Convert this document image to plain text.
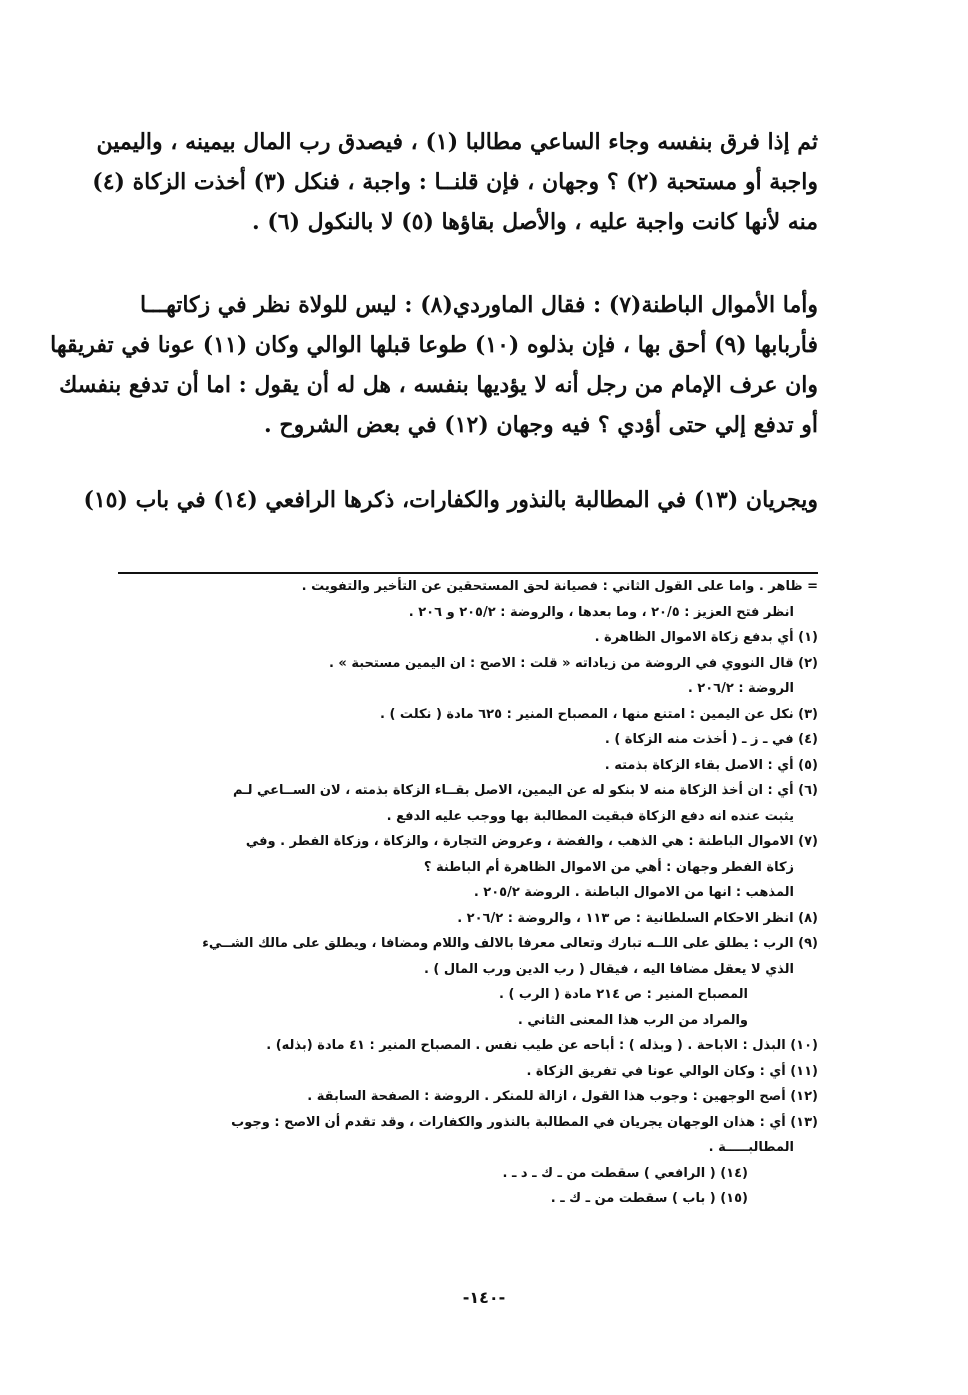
ثم إذا فرق بنفسه وجاء الساعي مطالبا (١) ، فيصدق رب المال بيمينه ، واليمين
واجبة أو مستحبة (٢) ؟ وجهان ، فإن قلنــا : واجبة ، فنكل (٣) أخذت الزكاة (٤)
منه لأنها كانت واجبة عليه ، والأصل بقاؤها (٥) لا بالنكول (٦) .

وأما الأموال الباطنة(٧) : فقال الماوردي(٨) : ليس للولاة نظر في زكاتهـــا
فأربابها (٩) أحق بها ، فإن بذلوه (١٠) طوعا قبلها الوالي وكان (١١) عونا في تفريقها
وان عرف الإمام من رجل أنه لا يؤديها بنفسه ، هل له أن يقول : اما أن تدفع بنفسك
أو تدفع إلي حتى أؤدي ؟ فيه وجهان (١٢) في بعض الشروح .

ويجريان (١٣) في المطالبة بالنذور والكفارات، ذكرها الرافعي (١٤) في باب (١٥)

= ظاهر . واما على القول الثاني : فصيانة لحق المستحقين عن التأخير والتفويت .
انظر فتح العزيز : ٢٠/٥ ، وما بعدها ، والروضة : ٢٠٥/٢ و ٢٠٦ .
(١) أي بدفع زكاة الاموال الظاهرة .
(٢) قال النووي في الروضة من زياداته « قلت : الاصح : ان اليمين مستحبة » .
الروضة : ٢٠٦/٢ .
(٣) نكل عن اليمين : امتنع منها ، المصباح المنير : ٦٢٥ مادة ( نكلت ) .
(٤) في ـ ز ـ ( أخذت منه الزكاة ) .
(٥) أي : الاصل بقاء الزكاة بذمته .
(٦) أي : ان أخذ الزكاة منه لا بنكو له عن اليمين، الاصل بقــاء الزكاة بذمته ، لان الســاعي لـم
يثبت عنده انه دفع الزكاة فبقيت المطالبة بها ووجب عليه الدفع .
(٧) الاموال الباطنة : هي الذهب ، والفضة ، وعروض التجارة ، والزكاة ، وزكاة الفطر . وفي
زكاة الفطر وجهان : أهي من الاموال الظاهرة أم الباطنة ؟
المذهب : انها من الاموال الباطنة . الروضة ٢٠٥/٢ .
(٨) انظر الاحكام السلطانية : ص ١١٣ ، والروضة : ٢٠٦/٢ .
(٩) الرب : يطلق على اللــه تبارك وتعالى معرفا بالالف واللام ومضافا ، ويطلق على مالك الشــيء
الذي لا يعقل مضافا اليه ، فيقال ( رب الدين ورب المال ) .
المصباح المنير : ص ٢١٤ مادة ( الرب ) .
والمراد من الرب هذا المعنى الثاني .
(١٠) البذل : الاباحة . ( وبذله ) : أباحه عن طيب نفس . المصباح المنير : ٤١ مادة (بذله) .
(١١) أي : وكان الوالي عونا في تفريق الزكاة .
(١٢) أصح الوجهين : وجوب هذا القول ، ازالة للمنكر . الروضة : الصفحة السابقة .
(١٣) أي : هذان الوجهان يجريان في المطالبة بالنذور والكفارات ، وقد تقدم أن الاصح : وجوب
المطالبـــــة .
(١٤) ( الرافعي ) سقطت من ـ ك ـ د ـ .
(١٥) ( باب ) سقطت من ـ ك ـ .
-١٤٠-
